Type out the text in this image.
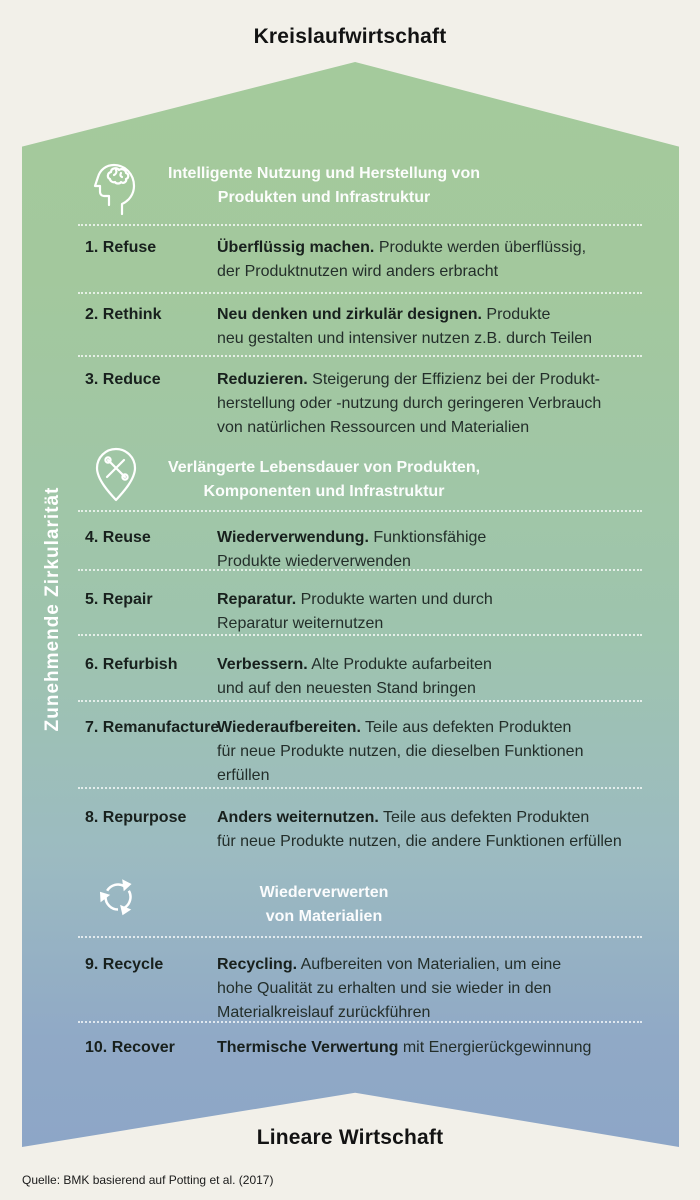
Kreislaufwirtschaft
Zunehmende Zirkularität
Intelligente Nutzung und Herstellung von
Produkten und Infrastruktur
1. Refuse	Überflüssig machen. Produkte werden überflüssig,
der Produktnutzen wird anders erbracht
2. Rethink	Neu denken und zirkulär designen. Produkte
neu gestalten und intensiver nutzen z.B. durch Teilen
3. Reduce	Reduzieren. Steigerung der Effizienz bei der Produkt-
herstellung oder -nutzung durch geringeren Verbrauch
von natürlichen Ressourcen und Materialien
Verlängerte Lebensdauer von Produkten,
Komponenten und Infrastruktur
4. Reuse	Wiederverwendung. Funktionsfähige
Produkte wiederverwenden
5. Repair	Reparatur. Produkte warten und durch
Reparatur weiternutzen
6. Refurbish	Verbessern. Alte Produkte aufarbeiten
und auf den neuesten Stand bringen
7. Remanufacture
Wiederaufbereiten. Teile aus defekten Produkten
für neue Produkte nutzen, die dieselben Funktionen
erfüllen
8. Repurpose	Anders weiternutzen. Teile aus defekten Produkten
für neue Produkte nutzen, die andere Funktionen erfüllen
Wiederverwerten
von Materialien
9. Recycle	Recycling. Aufbereiten von Materialien, um eine
hohe Qualität zu erhalten und sie wieder in den
Materialkreislauf zurückführen
10. Recover	Thermische Verwertung mit Energierückgewinnung
Lineare Wirtschaft
Quelle: BMK basierend auf Potting et al. (2017)
